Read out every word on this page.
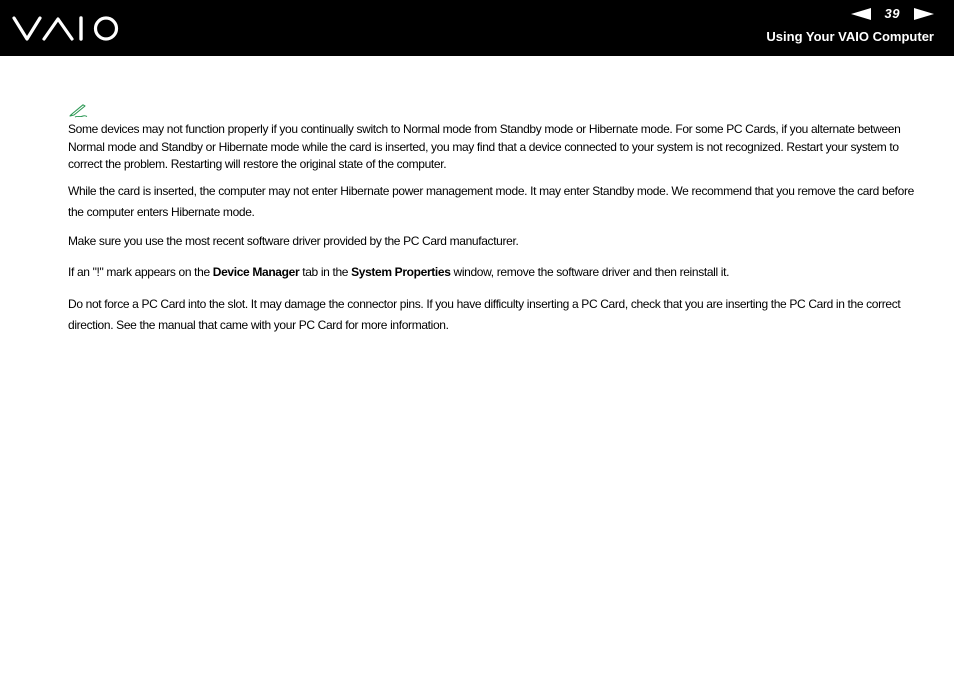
39
Using Your VAIO Computer

Some devices may not function properly if you continually switch to Normal mode from Standby mode or Hibernate mode. For some PC Cards, if you alternate between Normal mode and Standby or Hibernate mode while the card is inserted, you may find that a device connected to your system is not recognized. Restart your system to correct the problem. Restarting will restore the original state of the computer.

While the card is inserted, the computer may not enter Hibernate power management mode. It may enter Standby mode. We recommend that you remove the card before the computer enters Hibernate mode.

Make sure you use the most recent software driver provided by the PC Card manufacturer.

If an "!" mark appears on the Device Manager tab in the System Properties window, remove the software driver and then reinstall it.

Do not force a PC Card into the slot. It may damage the connector pins. If you have difficulty inserting a PC Card, check that you are inserting the PC Card in the correct direction. See the manual that came with your PC Card for more information.
